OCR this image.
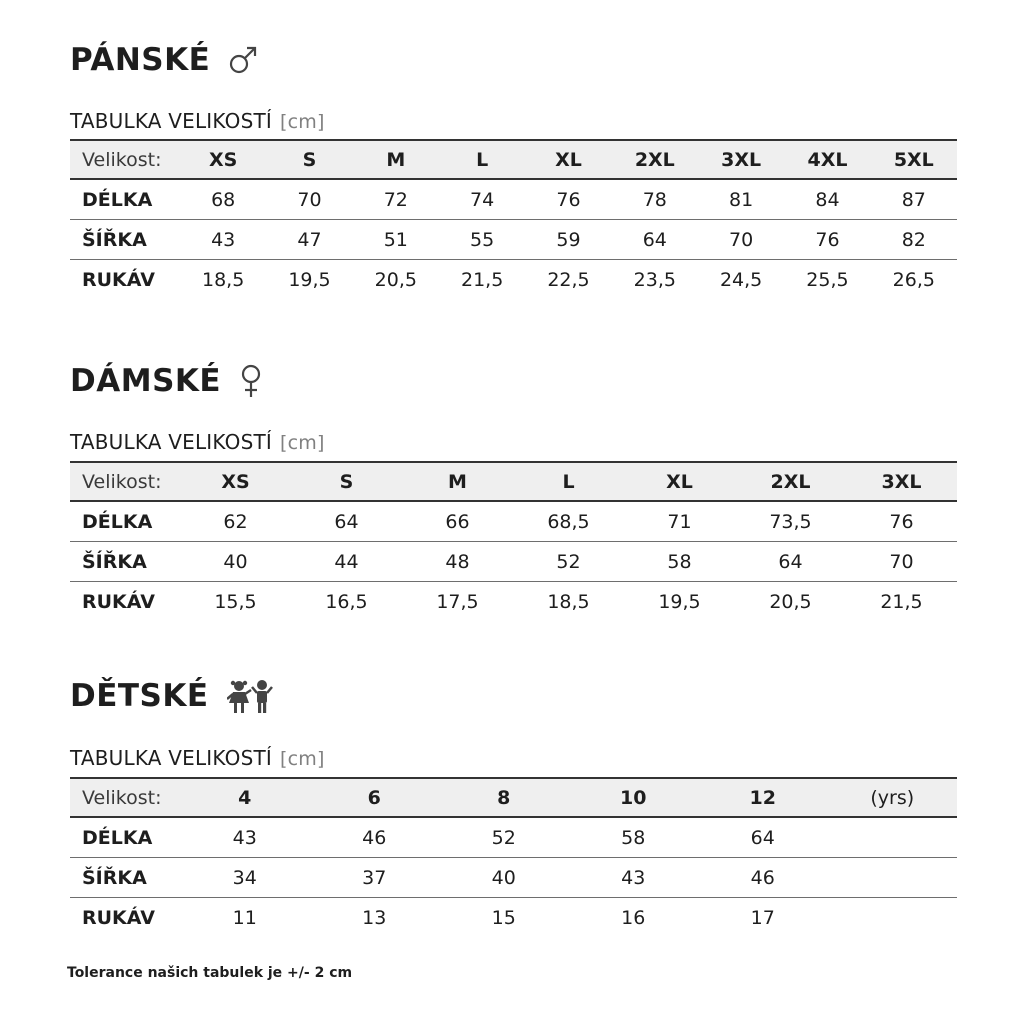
PÁNSKÉ
TABULKA VELIKOSTÍ [cm]
Velikost:	XS	S	M	L	XL	2XL	3XL	4XL	5XL
DÉLKA	68	70	72	74	76	78	81	84	87
ŠÍŘKA	43	47	51	55	59	64	70	76	82
RUKÁV	18,5	19,5	20,5	21,5	22,5	23,5	24,5	25,5	26,5
DÁMSKÉ
TABULKA VELIKOSTÍ [cm]
Velikost:	XS	S	M	L	XL	2XL	3XL
DÉLKA	62	64	66	68,5	71	73,5	76
ŠÍŘKA	40	44	48	52	58	64	70
RUKÁV	15,5	16,5	17,5	18,5	19,5	20,5	21,5
DĚTSKÉ
TABULKA VELIKOSTÍ [cm]
Velikost:	4	6	8	10	12	(yrs)
DÉLKA	43	46	52	58	64	
ŠÍŘKA	34	37	40	43	46	
RUKÁV	11	13	15	16	17	
Tolerance našich tabulek je +/- 2 cm
